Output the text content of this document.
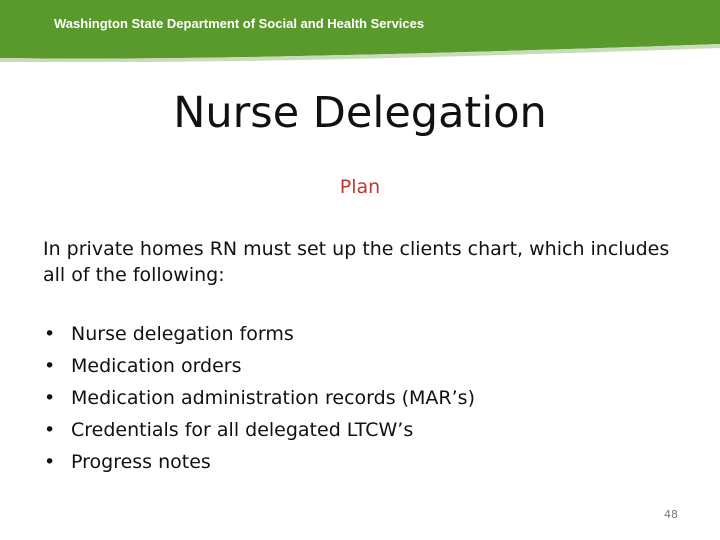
Washington State Department of Social and Health Services
Nurse Delegation
Plan
In private homes RN must set up the clients chart, which includes all of the following:
• Nurse delegation forms
• Medication orders
• Medication administration records (MAR’s)
• Credentials for all delegated LTCW’s
• Progress notes
48
